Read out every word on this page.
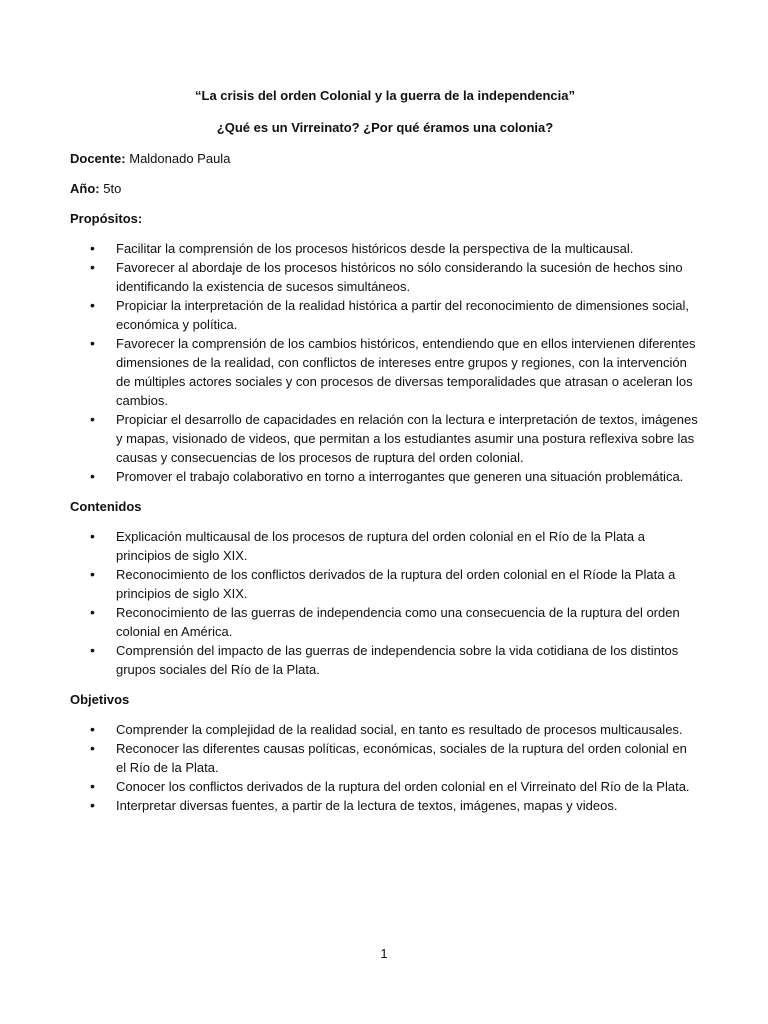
“La crisis del orden Colonial y la guerra de la independencia”

¿Qué es un Virreinato? ¿Por qué éramos una colonia?

Docente: Maldonado Paula

Año: 5to

Propósitos:

• Facilitar la comprensión de los procesos históricos desde la perspectiva de la multicausal.
• Favorecer al abordaje de los procesos históricos no sólo considerando la sucesión de hechos sino identificando la existencia de sucesos simultáneos.
• Propiciar la interpretación de la realidad histórica a partir del reconocimiento de dimensiones social, económica y política.
• Favorecer la comprensión de los cambios históricos, entendiendo que en ellos intervienen diferentes dimensiones de la realidad, con conflictos de intereses entre grupos y regiones, con la intervención de múltiples actores sociales y con procesos de diversas temporalidades que atrasan o aceleran los cambios.
• Propiciar el desarrollo de capacidades en relación con la lectura e interpretación de textos, imágenes y mapas, visionado de videos, que permitan a los estudiantes asumir una postura reflexiva sobre las causas y consecuencias de los procesos de ruptura del orden colonial.
• Promover el trabajo colaborativo en torno a interrogantes que generen una situación problemática.

Contenidos

• Explicación multicausal de los procesos de ruptura del orden colonial en el Río de la Plata a principios de siglo XIX.
• Reconocimiento de los conflictos derivados de la ruptura del orden colonial en el Ríode la Plata a principios de siglo XIX.
• Reconocimiento de las guerras de independencia como una consecuencia de la ruptura del orden colonial en América.
• Comprensión del impacto de las guerras de independencia sobre la vida cotidiana de los distintos grupos sociales del Río de la Plata.

Objetivos

• Comprender la complejidad de la realidad social, en tanto es resultado de procesos multicausales.
• Reconocer las diferentes causas políticas, económicas, sociales de la ruptura del orden colonial en el Río de la Plata.
• Conocer los conflictos derivados de la ruptura del orden colonial en el Virreinato del Río de la Plata.
• Interpretar diversas fuentes, a partir de la lectura de textos, imágenes, mapas y videos.
1
